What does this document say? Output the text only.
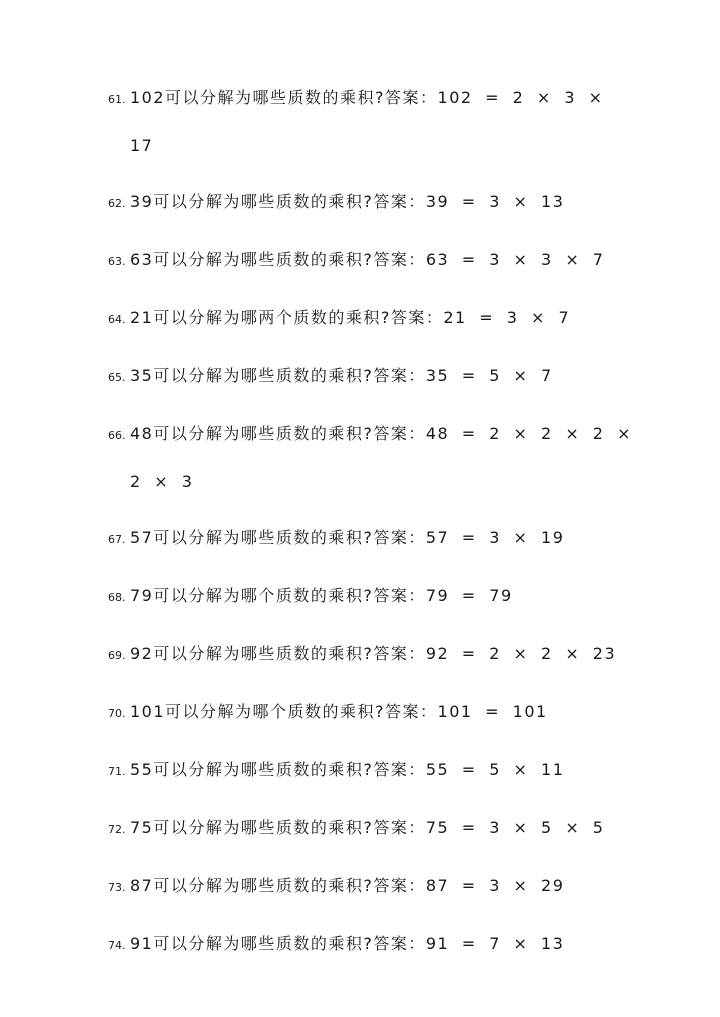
61. 102可以分解为哪些质数的乘积?答案：102 = 2 × 3 ×
17
62. 39可以分解为哪些质数的乘积?答案：39 = 3 × 13
63. 63可以分解为哪些质数的乘积?答案：63 = 3 × 3 × 7
64. 21可以分解为哪两个质数的乘积?答案：21 = 3 × 7
65. 35可以分解为哪些质数的乘积?答案：35 = 5 × 7
66. 48可以分解为哪些质数的乘积?答案：48 = 2 × 2 × 2 ×
2 × 3
67. 57可以分解为哪些质数的乘积?答案：57 = 3 × 19
68. 79可以分解为哪个质数的乘积?答案：79 = 79
69. 92可以分解为哪些质数的乘积?答案：92 = 2 × 2 × 23
70. 101可以分解为哪个质数的乘积?答案：101 = 101
71. 55可以分解为哪些质数的乘积?答案：55 = 5 × 11
72. 75可以分解为哪些质数的乘积?答案：75 = 3 × 5 × 5
73. 87可以分解为哪些质数的乘积?答案：87 = 3 × 29
74. 91可以分解为哪些质数的乘积?答案：91 = 7 × 13
